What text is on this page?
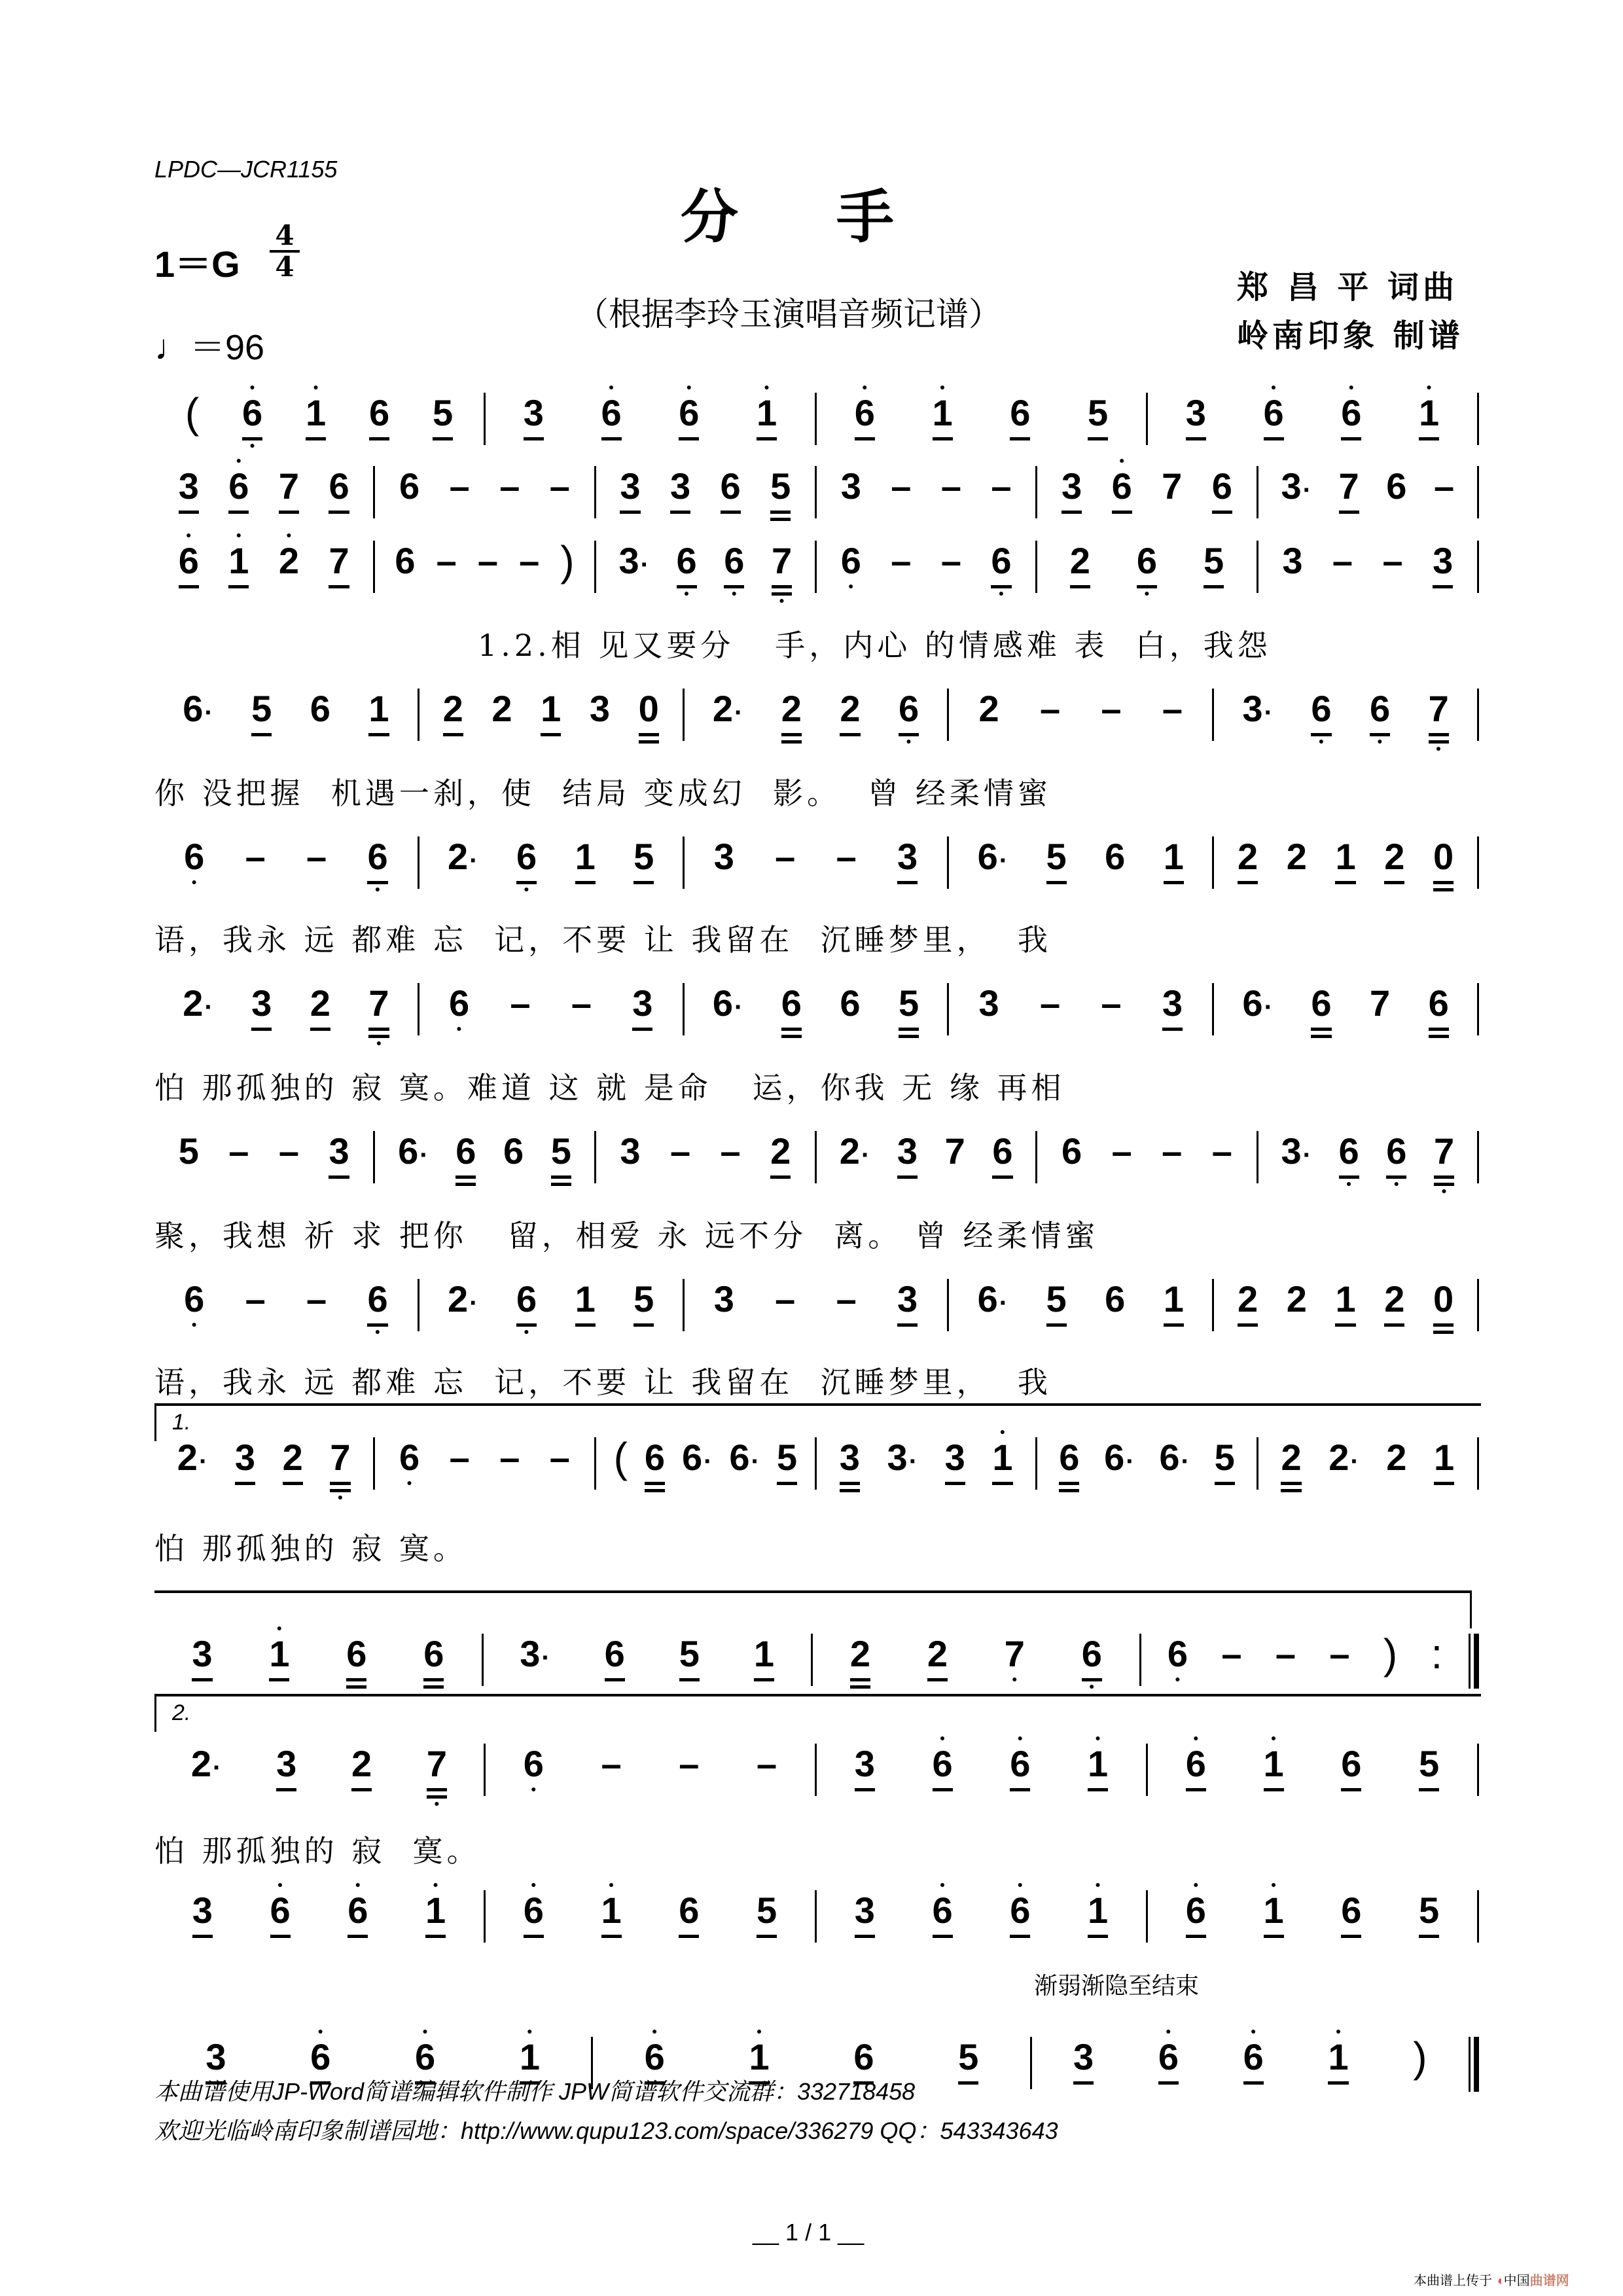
LPDC—JCR1155
分手
1＝G
4
4
♩＝96
（根据李玲玉演唱音频记谱）
郑 昌 平 词曲
岭南印象 制谱
(
●
6
●
●
1 6 5 3
●
6
●
6
●
1
●
6
●
1 6 5 3
●
6
●
6
●
1
3
●
6 7 6 6 – – – 3 3 6 5 3 – – – 3
●
6 7 6 3· 7 6 –
●
6
●
1
●
2 7 6 – – – ) 3· 6
●
6
●
7
●
6
●
– – 6
●
2 6
●
5 3 – – 3
6· 5 6 1 2 2 1 3 0 2· 2 2 6
●
2 – – – 3· 6
●
6
●
7
●
6
●
– – 6
●
2· 6
●
1 5 3 – – 3 6· 5 6 1 2 2 1 2 0
2· 3 2 7
●
6
●
– – 3 6· 6 6 5 3 – – 3 6· 6 7 6
5 – – 3 6· 6 6 5 3 – – 2 2· 3 7 6 6 – – – 3· 6
●
6
●
7
●
6
●
– – 6
●
2· 6
●
1 5 3 – – 3 6· 5 6 1 2 2 1 2 0
2· 3 2 7
●
6
●
– – – ( 6 6· 6· 5 3 3· 3
●
1 6 6· 6· 5 2 2· 2 1
3
●
1 6 6 3· 6 5 1 2 2 7
●
6
●
6
●
– – – ) :
2· 3 2 7
●
6
●
– – – 3
●
6
●
6
●
1
●
6
●
1 6 5
3
●
6
●
6
●
1
●
6
●
1 6 5 3
●
6
●
6
●
1
●
6
●
1 6 5
3
●
6
●
6
●
1
●
6
●
1 6 5	3
●
6
●
6
●
1 )
1.2.相 见又要分   手，内心 的情感难 表  白，我怨
你 没把握  机遇一刹，使  结局 变成幻  影。  曾 经柔情蜜
语，我永 远 都难 忘  记，不要 让 我留在  沉睡梦里，  我
怕 那孤独的 寂 寞。难道 这 就 是命   运，你我 无 缘 再相
聚，我想 祈 求 把你   留，相爱 永 远不分  离。 曾 经柔情蜜
语，我永 远 都难 忘  记，不要 让 我留在  沉睡梦里，  我
怕 那孤独的 寂 寞。
怕 那孤独的 寂  寞。
1.
2.
渐弱渐隐至结束
本曲谱使用JP-Word简谱编辑软件制作 JPW简谱软件交流群：332718458
欢迎光临岭南印象制谱园地：http://www.qupu123.com/space/336279 QQ：543343643
__ 1 / 1 __
本曲谱上传于 ◖中国曲谱网
